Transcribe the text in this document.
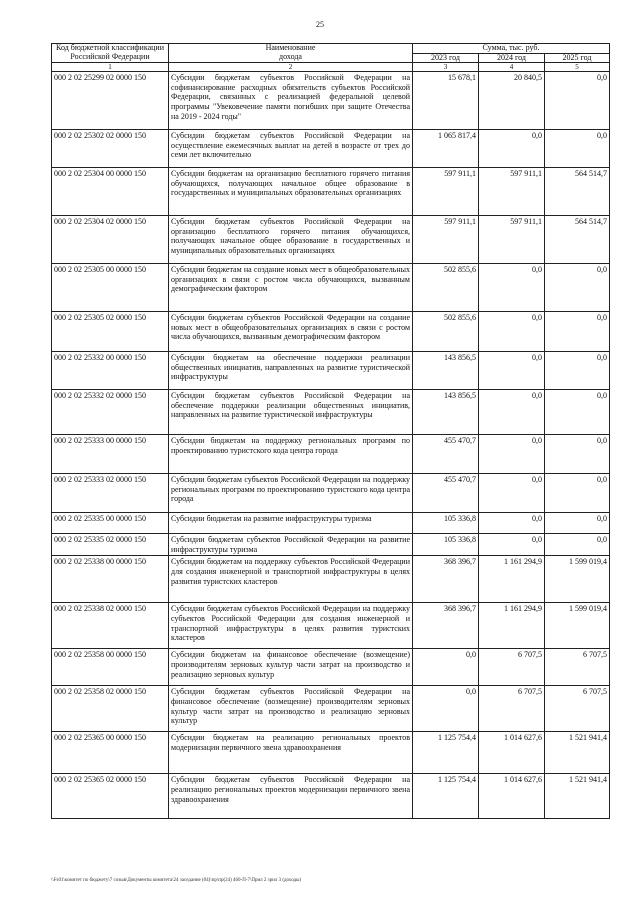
25
Код бюджетной классификации Российской Федерации	Наименование
дохода	Сумма, тыс. руб.		
		2023 год	2024 год	2025 год
1	2	3	4	5
000 2 02 25299 02 0000 150	Субсидии бюджетам субъектов Российской Федерации на софинансирование расходных обязательств субъектов Российской Федерации, связанных с реализацией федеральной целевой программы "Увековечение памяти погибших при защите Отечества на 2019 - 2024 годы"	15 678,1	20 840,5	0,0
000 2 02 25302 02 0000 150	Субсидии бюджетам субъектов Российской Федерации на осуществление ежемесячных выплат на детей в возрасте от трех до семи лет включительно	1 065 817,4	0,0	0,0
000 2 02 25304 00 0000 150	Субсидии бюджетам на организацию бесплатного горячего питания обучающихся, получающих начальное общее образование в государственных и муниципальных образовательных организациях	597 911,1	597 911,1	564 514,7
000 2 02 25304 02 0000 150	Субсидии бюджетам субъектов Российской Федерации на организацию бесплатного горячего питания обучающихся, получающих начальное общее образование в государственных и муниципальных образовательных организациях	597 911,1	597 911,1	564 514,7
000 2 02 25305 00 0000 150	Субсидии бюджетам на создание новых мест в общеобразовательных организациях в связи с ростом числа обучающихся, вызванным демографическим фактором	502 855,6	0,0	0,0
000 2 02 25305 02 0000 150	Субсидии бюджетам субъектов Российской Федерации на создание новых мест в общеобразовательных организациях в связи с ростом числа обучающихся, вызванным демографическим фактором	502 855,6	0,0	0,0
000 2 02 25332 00 0000 150	Субсидии бюджетам на обеспечение поддержки реализации общественных инициатив, направленных на развитие туристической инфраструктуры	143 856,5	0,0	0,0
000 2 02 25332 02 0000 150	Субсидии бюджетам субъектов Российской Федерации на обеспечение поддержки реализации общественных инициатив, направленных на развитие туристической инфраструктуры	143 856,5	0,0	0,0
000 2 02 25333 00 0000 150	Субсидии бюджетам на поддержку региональных программ по проектированию туристского кода центра города	455 470,7	0,0	0,0
000 2 02 25333 02 0000 150	Субсидии бюджетам субъектов Российской Федерации на поддержку региональных программ по проектированию туристского кода центра города	455 470,7	0,0	0,0
000 2 02 25335 00 0000 150	Субсидии бюджетам на развитие инфраструктуры туризма	105 336,8	0,0	0,0
000 2 02 25335 02 0000 150	Субсидии бюджетам субъектов Российской Федерации на развитие инфраструктуры туризма	105 336,8	0,0	0,0
000 2 02 25338 00 0000 150	Субсидии бюджетам на поддержку субъектов Российской Федерации для создания инженерной и транспортной инфраструктуры в целях развития туристских кластеров	368 396,7	1 161 294,9	1 599 019,4
000 2 02 25338 02 0000 150	Субсидии бюджетам субъектов Российской Федерации на поддержку субъектов Российской Федерации для создания инженерной и транспортной инфраструктуры в целях развития туристских кластеров	368 396,7	1 161 294,9	1 599 019,4
000 2 02 25358 00 0000 150	Субсидии бюджетам на финансовое обеспечение (возмещение) производителям зерновых культур части затрат на производство и реализацию зерновых культур	0,0	6 707,5	6 707,5
000 2 02 25358 02 0000 150	Субсидии бюджетам субъектов Российской Федерации на финансовое обеспечение (возмещение) производителям зерновых культур части затрат на производство и реализацию зерновых культур	0,0	6 707,5	6 707,5
000 2 02 25365 00 0000 150	Субсидии бюджетам на реализацию региональных проектов модернизации первичного звена здравоохранения	1 125 754,4	1 014 627,6	1 521 941,4
000 2 02 25365 02 0000 150	Субсидии бюджетам субъектов Российской Федерации на реализацию региональных проектов модернизации первичного звена здравоохранения	1 125 754,4	1 014 627,6	1 521 941,4
\\Fs01\комитет по бюджету\7 созыв\Документы комитета\24 заседание (04)\пр\пр(24) 460-П-7\Прил 2 зрил 3 (доходы)
